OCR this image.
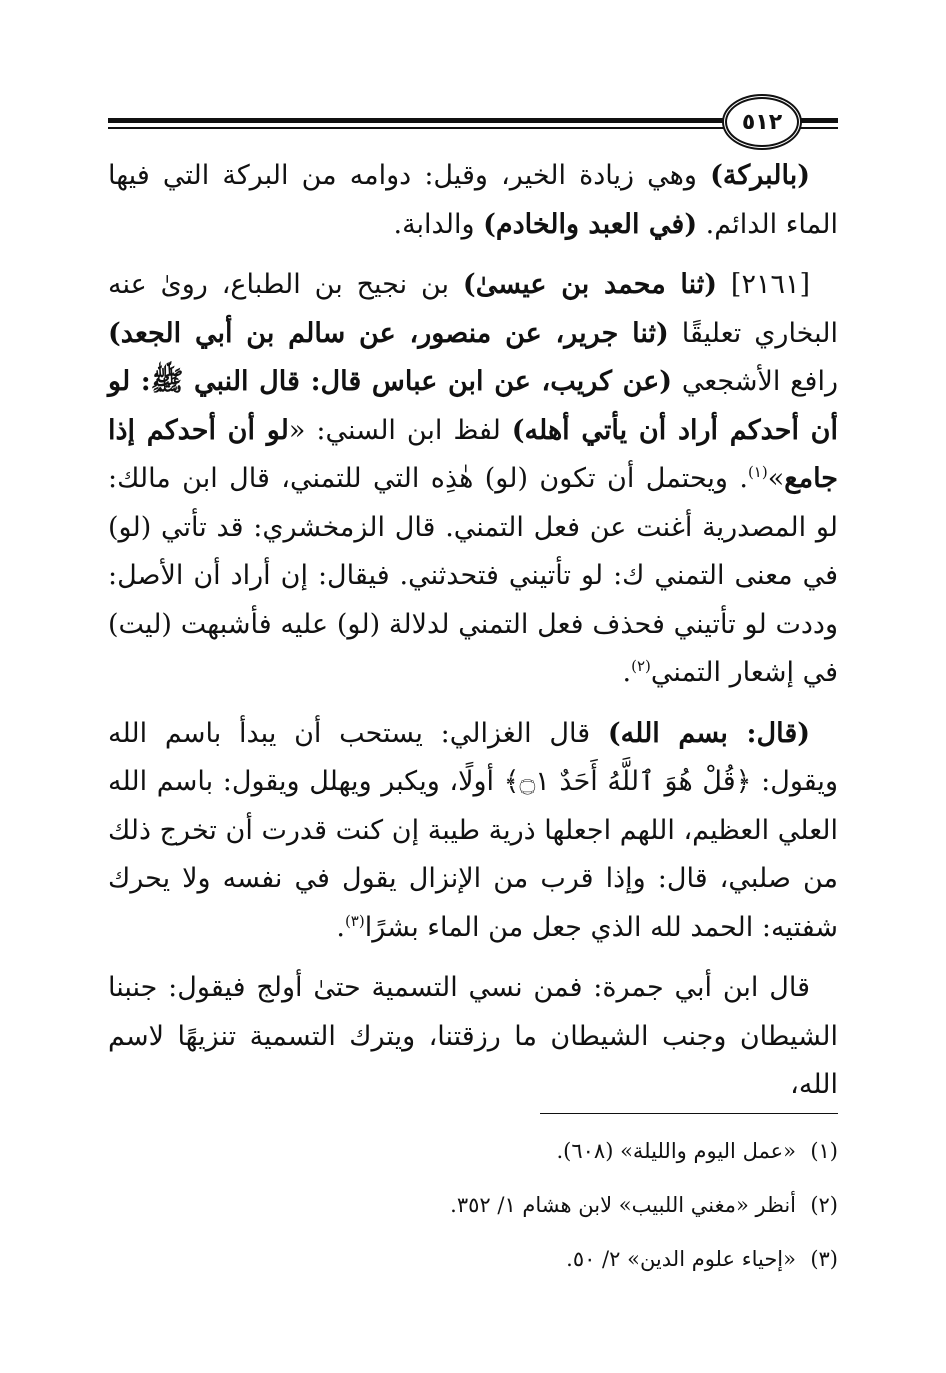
٥١٢

(بالبركة) وهي زيادة الخير، وقيل: دوامه من البركة التي فيها الماء الدائم. (في العبد والخادم) والدابة.

[٢١٦١] (ثنا محمد بن عيسىٰ) بن نجيح بن الطباع، رویٰ عنه البخاري تعليقًا (ثنا جرير، عن منصور، عن سالم بن أبي الجعد) رافع الأشجعي (عن كريب، عن ابن عباس قال: قال النبي ﷺ: لو أن أحدكم أراد أن يأتي أهله) لفظ ابن السني: «لو أن أحدكم إذا جامع»$^{(١)}$. ويحتمل أن تكون (لو) هٰذِه التي للتمني، قال ابن مالك: لو المصدرية أغنت عن فعل التمني. قال الزمخشري: قد تأتي (لو) في معنى التمني ك: لو تأتيني فتحدثني. فيقال: إن أراد أن الأصل: وددت لو تأتيني فحذف فعل التمني لدلالة (لو) عليه فأشبهت (ليت) في إشعار التمني$^{(٢)}$.

(قال: بسم الله) قال الغزالي: يستحب أن يبدأ باسم الله ويقول: ﴿قُلْ هُوَ ٱللَّهُ أَحَدٌ ۝١﴾ أولًا، ويكبر ويهلل ويقول: باسم الله العلي العظيم، اللهم اجعلها ذرية طيبة إن كنت قدرت أن تخرج ذلك من صلبي، قال: وإذا قرب من الإنزال يقول في نفسه ولا يحرك شفتيه: الحمد لله الذي جعل من الماء بشرًا$^{(٣)}$.

قال ابن أبي جمرة: فمن نسي التسمية حتىٰ أولج فيقول: جنبنا الشيطان وجنب الشيطان ما رزقتنا، ويترك التسمية تنزيهًا لاسم الله،

(١)«عمل اليوم والليلة» (٦٠٨).
(٢)أنظر «مغني اللبيب» لابن هشام ١/ ٣٥٢.
(٣)«إحياء علوم الدين» ٢/ ٥٠.
